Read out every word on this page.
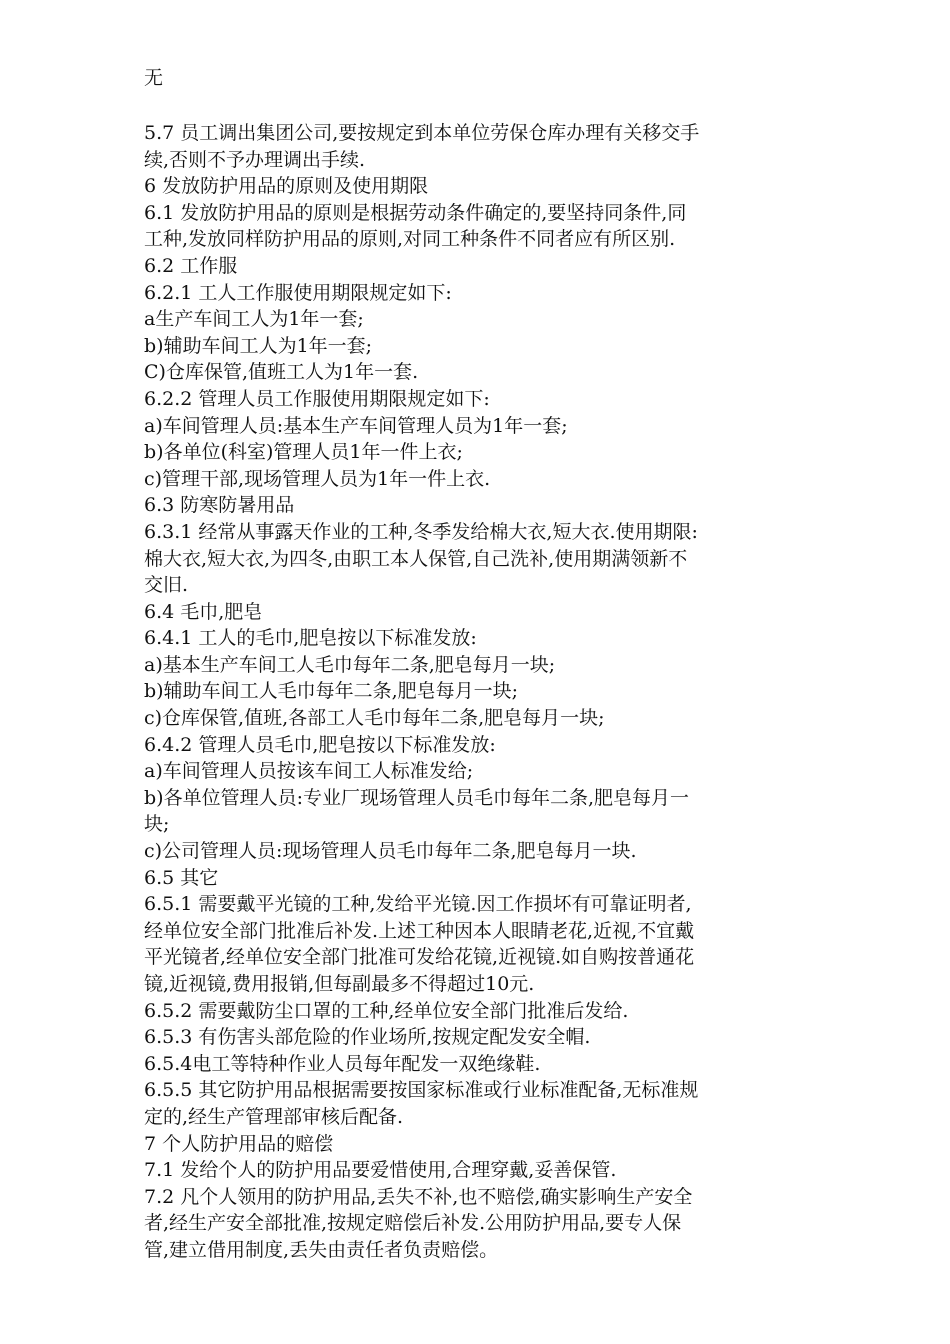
无
5.7 员工调出集团公司,要按规定到本单位劳保仓库办理有关移交手
续,否则不予办理调出手续.
6 发放防护用品的原则及使用期限
6.1 发放防护用品的原则是根据劳动条件确定的,要坚持同条件,同
工种,发放同样防护用品的原则,对同工种条件不同者应有所区别.
6.2 工作服
6.2.1 工人工作服使用期限规定如下:
a生产车间工人为1年一套;
b)辅助车间工人为1年一套;
C)仓库保管,值班工人为1年一套.
6.2.2 管理人员工作服使用期限规定如下:
a)车间管理人员:基本生产车间管理人员为1年一套;
b)各单位(科室)管理人员1年一件上衣;
c)管理干部,现场管理人员为1年一件上衣.
6.3 防寒防暑用品
6.3.1 经常从事露天作业的工种,冬季发给棉大衣,短大衣.使用期限:
棉大衣,短大衣,为四冬,由职工本人保管,自己洗补,使用期满领新不
交旧.
6.4 毛巾,肥皂
6.4.1 工人的毛巾,肥皂按以下标准发放:
a)基本生产车间工人毛巾每年二条,肥皂每月一块;
b)辅助车间工人毛巾每年二条,肥皂每月一块;
c)仓库保管,值班,各部工人毛巾每年二条,肥皂每月一块;
6.4.2 管理人员毛巾,肥皂按以下标准发放:
a)车间管理人员按该车间工人标准发给;
b)各单位管理人员:专业厂现场管理人员毛巾每年二条,肥皂每月一
块;
c)公司管理人员:现场管理人员毛巾每年二条,肥皂每月一块.
6.5 其它
6.5.1 需要戴平光镜的工种,发给平光镜.因工作损坏有可靠证明者,
经单位安全部门批准后补发.上述工种因本人眼睛老花,近视,不宜戴
平光镜者,经单位安全部门批准可发给花镜,近视镜.如自购按普通花
镜,近视镜,费用报销,但每副最多不得超过10元.
6.5.2 需要戴防尘口罩的工种,经单位安全部门批准后发给.
6.5.3 有伤害头部危险的作业场所,按规定配发安全帽.
6.5.4电工等特种作业人员每年配发一双绝缘鞋.
6.5.5 其它防护用品根据需要按国家标准或行业标准配备,无标准规
定的,经生产管理部审核后配备.
7 个人防护用品的赔偿
7.1 发给个人的防护用品要爱惜使用,合理穿戴,妥善保管.
7.2 凡个人领用的防护用品,丢失不补,也不赔偿,确实影响生产安全
者,经生产安全部批准,按规定赔偿后补发.公用防护用品,要专人保
管,建立借用制度,丢失由责任者负责赔偿。
